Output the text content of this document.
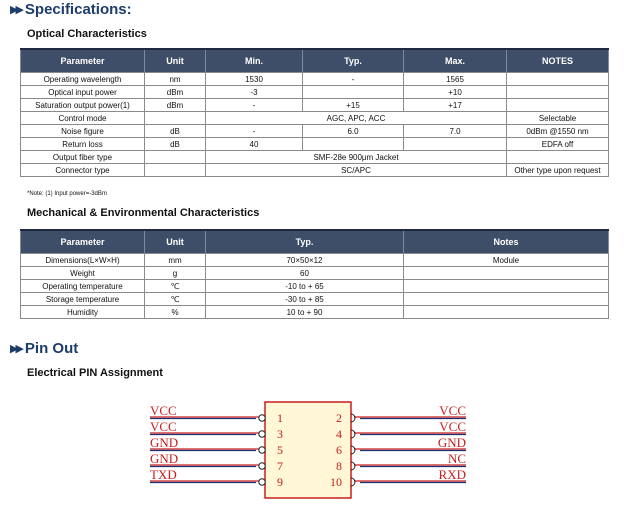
▶▶ Specifications:
Optical Characteristics
Parameter	Unit	Min.	Typ.	Max.	NOTES
Operating wavelength	nm	1530	-	1565	
Optical input power	dBm	-3		+10	
Saturation output power(1)	dBm	-	+15	+17	
Control mode		AGC, APC, ACC			Selectable
Noise figure	dB	-	6.0	7.0	0dBm @1550 nm
Return loss	dB	40			EDFA off
Output fiber type		SMF-28e 900μm Jacket			
Connector type		SC/APC			Other type upon request
*Note: (1) Input power=-3dBm
Mechanical & Environmental Characteristics
Parameter	Unit	Typ.	Notes
Dimensions(L×W×H)	mm	70×50×12	Module
Weight	g	60	
Operating temperature	℃	-10 to + 65	
Storage temperature	℃	-30 to + 85	
Humidity	%	10 to + 90	
▶▶ Pin Out
Electrical PIN Assignment
VCC	1
VCC	3
GND	5
GND	7
TXD	9
VCC
2
VCC
4
GND
6
NC
8
RXD
10
